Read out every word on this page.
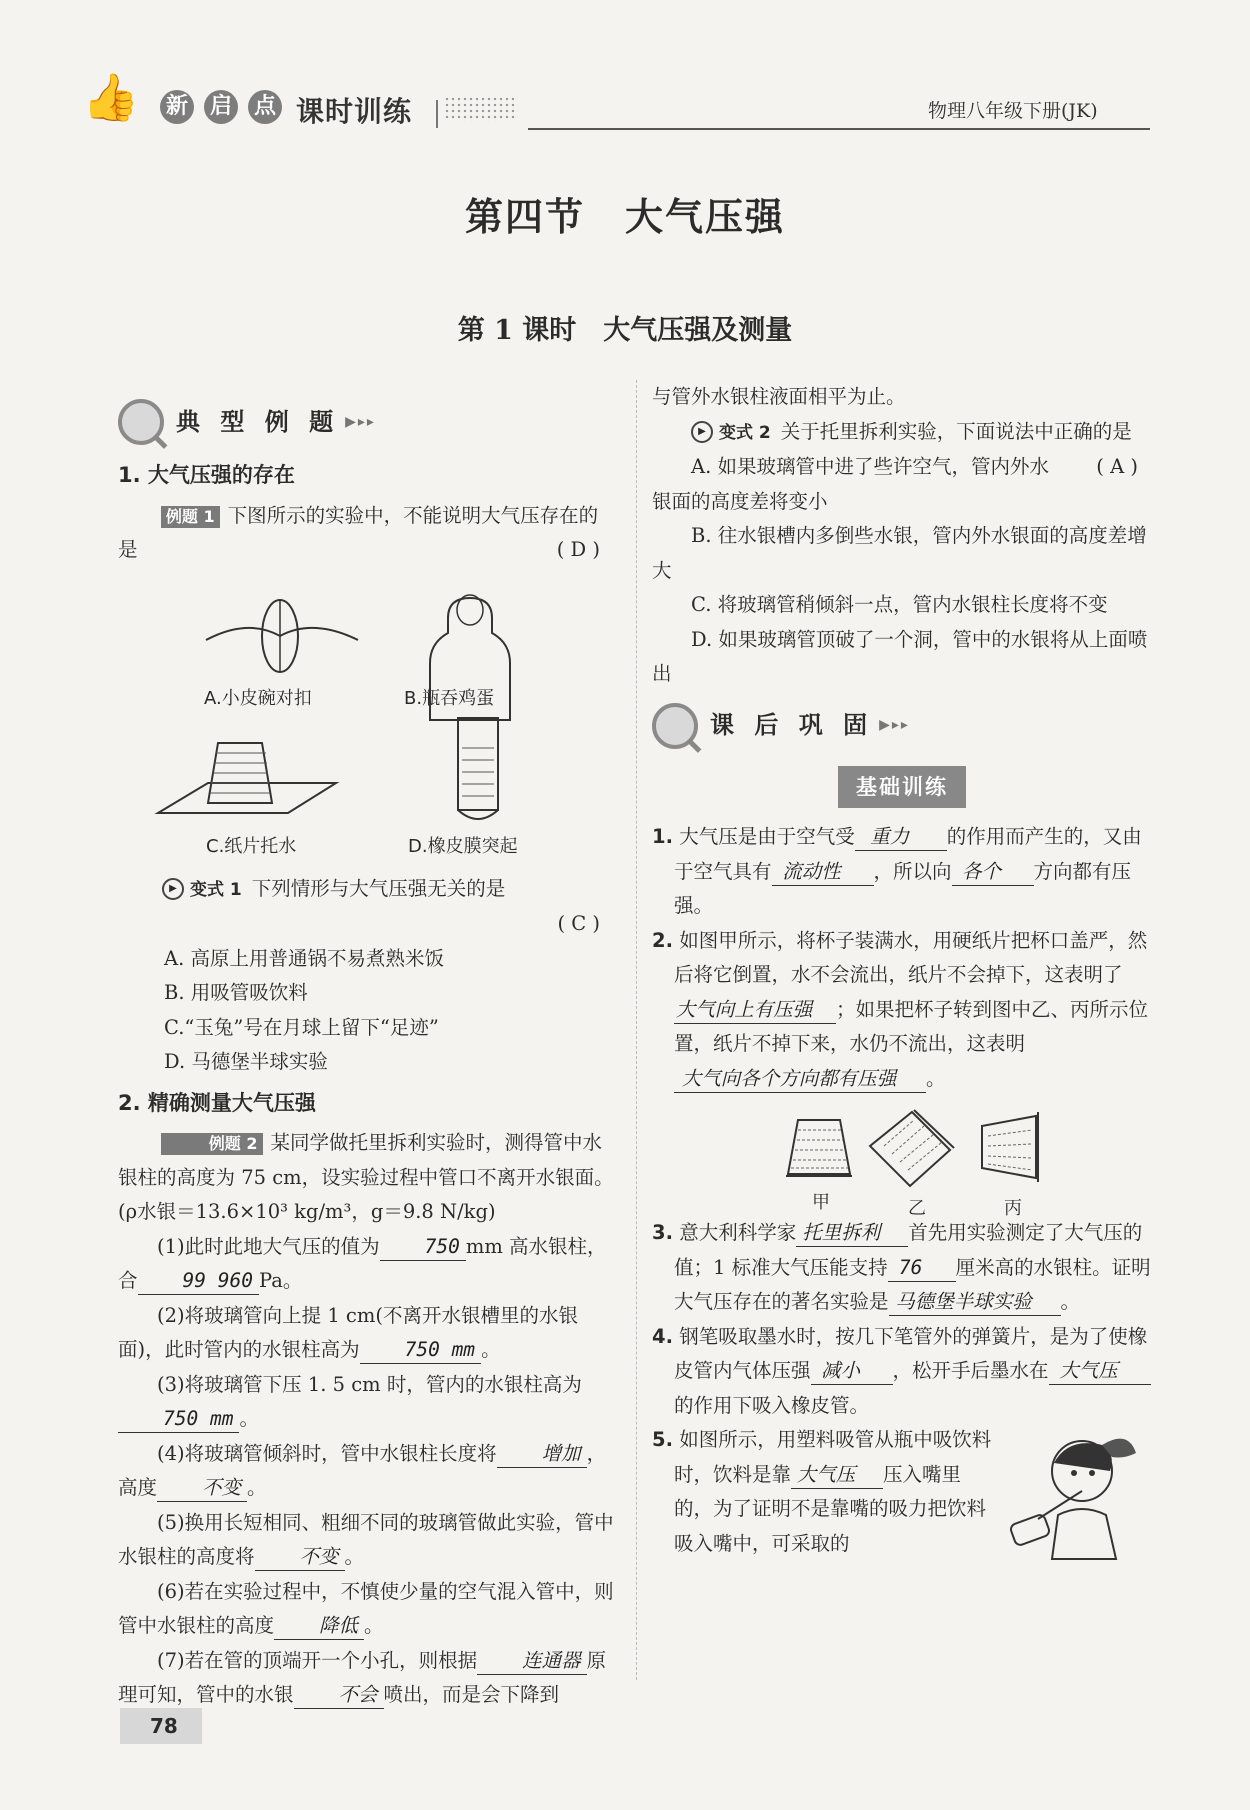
👍 新 启 点 课时训练	物理八年级下册(JK)
第四节　大气压强
第 1 课时　大气压强及测量
典 型 例 题 ▶▸▸
1. 大气压强的存在
例题 1 下图所示的实验中，不能说明大气压存在的是	( D )
A.小皮碗对扣	B.瓶吞鸡蛋
C.纸片托水	D.橡皮膜突起
▶ 变式 1 下列情形与大气压强无关的是
( C )
A. 高原上用普通锅不易煮熟米饭
B. 用吸管吸饮料
C.“玉兔”号在月球上留下“足迹”
D. 马德堡半球实验
2. 精确测量大气压强
例题 2 某同学做托里拆利实验时，测得管中水银柱的高度为 75 cm，设实验过程中管口不离开水银面。(ρ水银＝13.6×10³ kg/m³，g＝9.8 N/kg)
(1)此时此地大气压的值为 750 mm 高水银柱，合 99 960 Pa。
(2)将玻璃管向上提 1 cm(不离开水银槽里的水银面)，此时管内的水银柱高为 750 mm 。
(3)将玻璃管下压 1. 5 cm 时，管内的水银柱高为750 mm 。
(4)将玻璃管倾斜时，管中水银柱长度将 增加 ，高度 不变 。
(5)换用长短相同、粗细不同的玻璃管做此实验，管中水银柱的高度将 不变 。
(6)若在实验过程中，不慎使少量的空气混入管中，则管中水银柱的高度 降低 。
(7)若在管的顶端开一个小孔，则根据 连通器 原理可知，管中的水银 不会 喷出，而是会下降到
与管外水银柱液面相平为止。
▶ 变式 2 关于托里拆利实验，下面说法中正确的是
( A )
A. 如果玻璃管中进了些许空气，管内外水银面的高度差将变小
B. 往水银槽内多倒些水银，管内外水银面的高度差增大
C. 将玻璃管稍倾斜一点，管内水银柱长度将不变
D. 如果玻璃管顶破了一个洞，管中的水银将从上面喷出
课 后 巩 固 ▶▸▸
基础训练
1. 大气压是由于空气受 重力 的作用而产生的，又由于空气具有 流动性 ，所以向 各个 方向都有压强。
2. 如图甲所示，将杯子装满水，用硬纸片把杯口盖严，然后将它倒置，水不会流出，纸片不会掉下，这表明了大气向上有压强 ；如果把杯子转到图中乙、丙所示位置，纸片不掉下来，水仍不流出，这表明大气向各个方向都有压强 。
甲	乙	丙
3. 意大利科学家 托里拆利 首先用实验测定了大气压的值；1 标准大气压能支持 76 厘米高的水银柱。证明大气压存在的著名实验是 马德堡半球实验 。
4. 钢笔吸取墨水时，按几下笔管外的弹簧片，是为了使橡皮管内气体压强 减小 ，松开手后墨水在 大气压的作用下吸入橡皮管。
5. 如图所示，用塑料吸管从瓶中吸饮料时，饮料是靠 大气压 压入嘴里的，为了证明不是靠嘴的吸力把饮料吸入嘴中，可采取的
78
